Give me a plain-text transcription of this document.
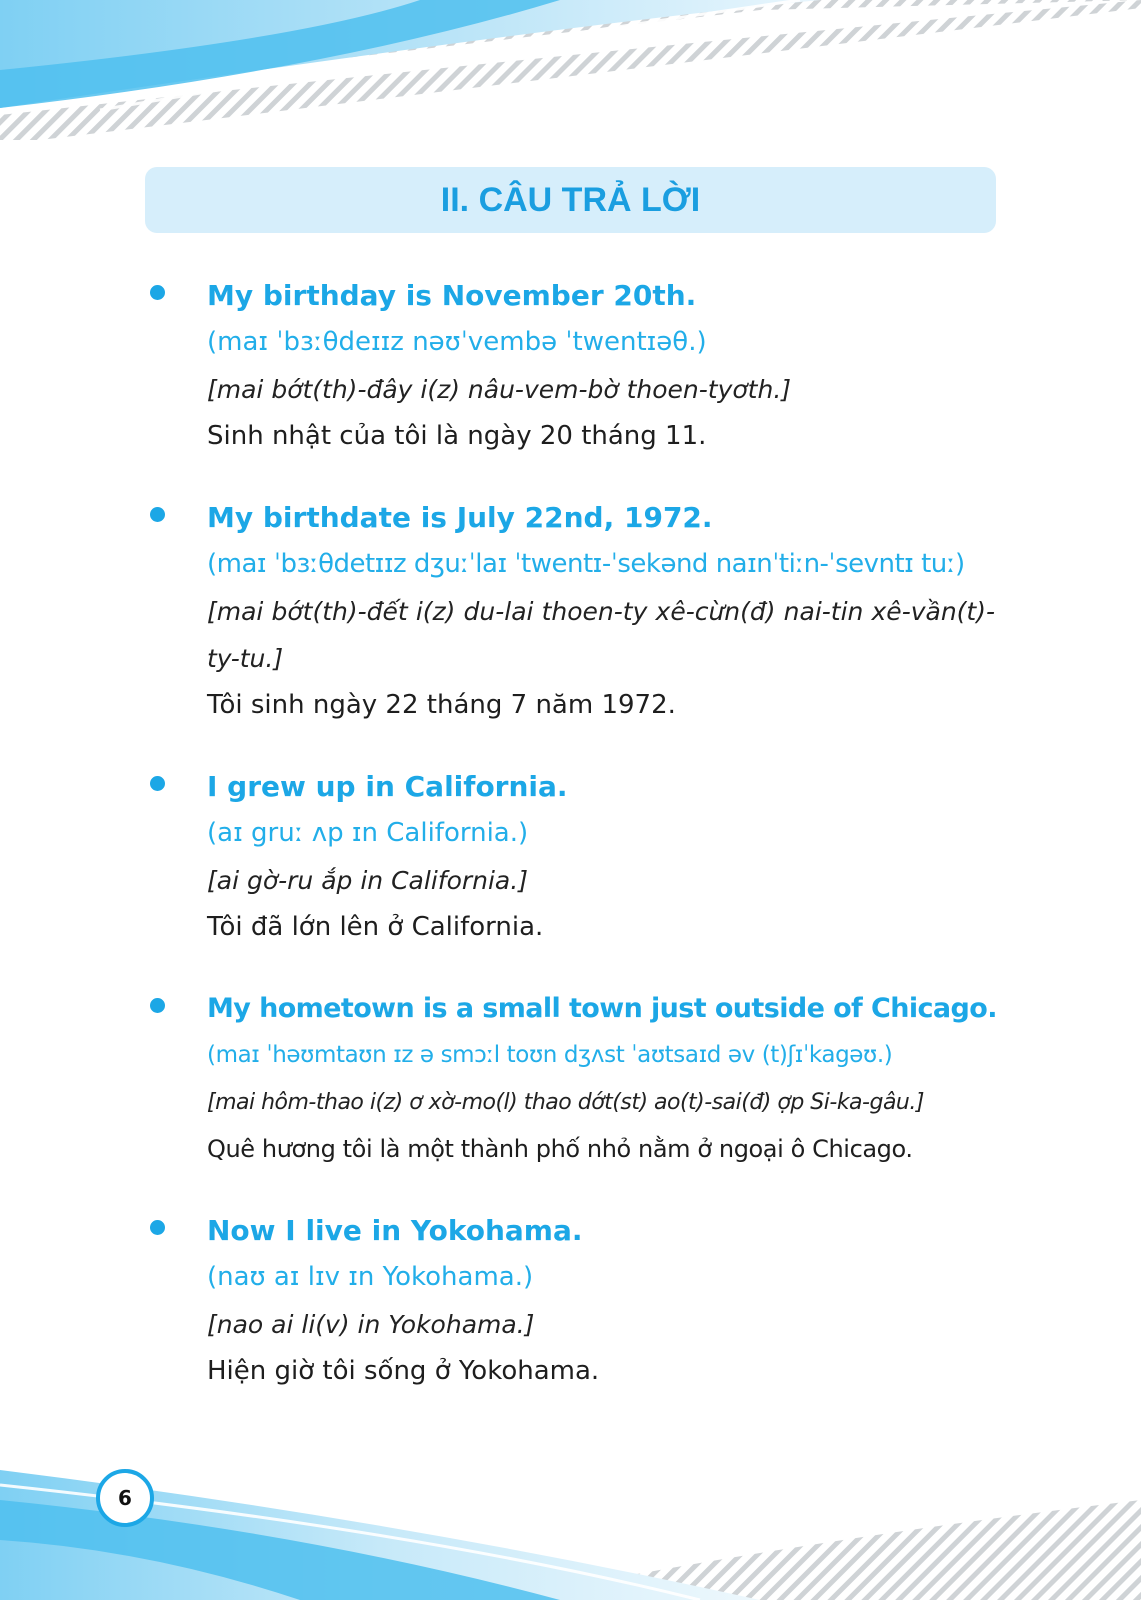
II. CÂU TRẢ LỜI
My birthday is November 20th.
(maɪ ˈbɜːθdeɪɪz nəʊˈvembə ˈtwentɪəθ.)
[mai bớt(th)-đây i(z) nâu-vem-bờ thoen-tyơth.]
Sinh nhật của tôi là ngày 20 tháng 11.
My birthdate is July 22nd, 1972.
(maɪ ˈbɜːθdetɪɪz dʒuːˈlaɪ ˈtwentɪ-ˈsekənd naɪnˈtiːn-ˈsevntɪ tuː)
[mai bớt(th)-đết i(z) du-lai thoen-ty xê-cừn(đ) nai-tin xê-vần(t)-ty-tu.]
Tôi sinh ngày 22 tháng 7 năm 1972.
I grew up in California.
(aɪ gruː ʌp ɪn California.)
[ai gờ-ru ắp in California.]
Tôi đã lớn lên ở California.
My hometown is a small town just outside of Chicago.
(maɪ ˈhəʊmtaʊn ɪz ə smɔːl toʊn dʒʌst ˈaʊtsaɪd əv (t)ʃɪˈkagəʊ.)
[mai hôm-thao i(z) ơ xờ-mo(l) thao dớt(st) ao(t)-sai(đ) ợp Si-ka-gâu.]
Quê hương tôi là một thành phố nhỏ nằm ở ngoại ô Chicago.
Now I live in Yokohama.
(naʊ aɪ lɪv ɪn Yokohama.)
[nao ai li(v) in Yokohama.]
Hiện giờ tôi sống ở Yokohama.
6
